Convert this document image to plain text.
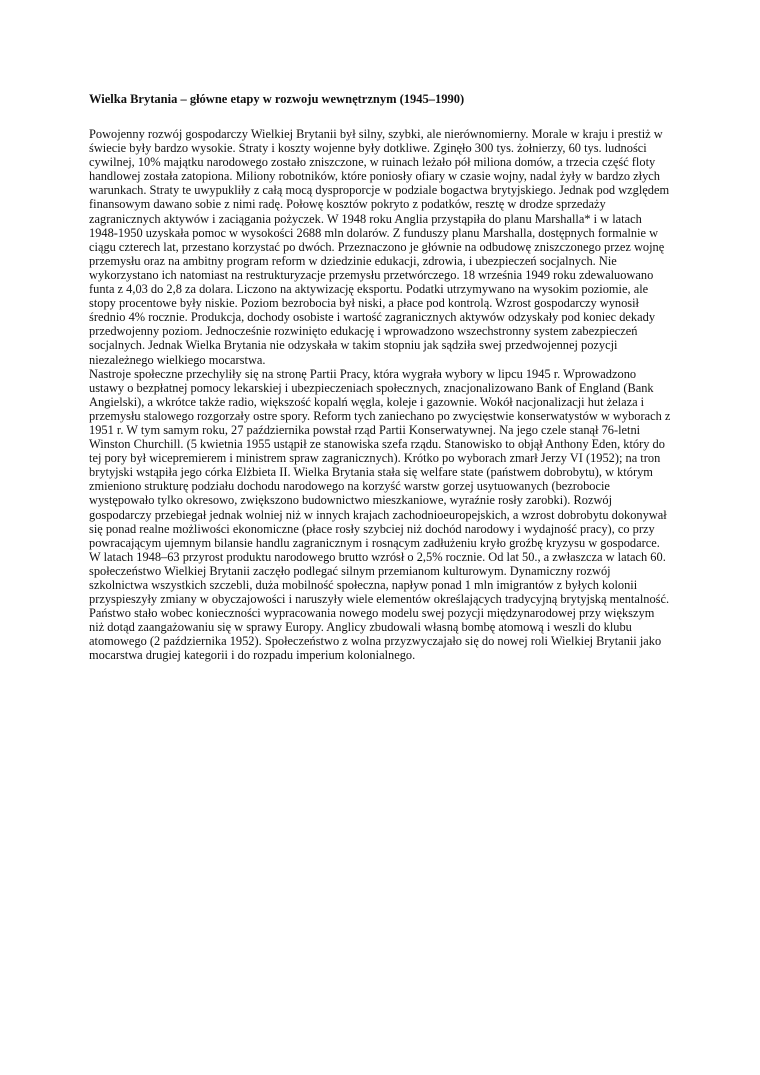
Wielka Brytania – główne etapy w rozwoju wewnętrznym (1945–1990)

Powojenny rozwój gospodarczy Wielkiej Brytanii był silny, szybki, ale nierównomierny. Morale w kraju i prestiż w świecie były bardzo wysokie. Straty i koszty wojenne były dotkliwe. Zginęło 300 tys. żołnierzy, 60 tys. ludności cywilnej, 10% majątku narodowego zostało zniszczone, w ruinach leżało pół miliona domów, a trzecia część floty handlowej została zatopiona. Miliony robotników, które poniosły ofiary w czasie wojny, nadal żyły w bardzo złych warunkach. Straty te uwypukliły z całą mocą dysproporcje w podziale bogactwa brytyjskiego. Jednak pod względem finansowym dawano sobie z nimi radę. Połowę kosztów pokryto z podatków, resztę w drodze sprzedaży zagranicznych aktywów i zaciągania pożyczek. W 1948 roku Anglia przystąpiła do planu Marshalla* i w latach 1948-1950 uzyskała pomoc w wysokości 2688 mln dolarów. Z funduszy planu Marshalla, dostępnych formalnie w ciągu czterech lat, przestano korzystać po dwóch. Przeznaczono je głównie na odbudowę zniszczonego przez wojnę przemysłu oraz na ambitny program reform w dziedzinie edukacji, zdrowia, i ubezpieczeń socjalnych. Nie wykorzystano ich natomiast na restrukturyzacje przemysłu przetwórczego. 18 września 1949 roku zdewaluowano funta z 4,03 do 2,8 za dolara. Liczono na aktywizację eksportu. Podatki utrzymywano na wysokim poziomie, ale stopy procentowe były niskie. Poziom bezrobocia był niski, a płace pod kontrolą. Wzrost gospodarczy wynosił średnio 4% rocznie. Produkcja, dochody osobiste i wartość zagranicznych aktywów odzyskały pod koniec dekady przedwojenny poziom. Jednocześnie rozwinięto edukację i wprowadzono wszechstronny system zabezpieczeń socjalnych. Jednak Wielka Brytania nie odzyskała w takim stopniu jak sądziła swej przedwojennej pozycji niezależnego wielkiego mocarstwa.

Nastroje społeczne przechyliły się na stronę Partii Pracy, która wygrała wybory w lipcu 1945 r. Wprowadzono ustawy o bezpłatnej pomocy lekarskiej i ubezpieczeniach społecznych, znacjonalizowano Bank of England (Bank Angielski), a wkrótce także radio, większość kopalń węgla, koleje i gazownie. Wokół nacjonalizacji hut żelaza i przemysłu stalowego rozgorzały ostre spory. Reform tych zaniechano po zwycięstwie konserwatystów w wyborach z 1951 r. W tym samym roku, 27 października powstał rząd Partii Konserwatywnej. Na jego czele stanął 76-letni Winston Churchill. (5 kwietnia 1955 ustąpił ze stanowiska szefa rządu. Stanowisko to objął Anthony Eden, który do tej pory był wicepremierem i ministrem spraw zagranicznych). Krótko po wyborach zmarł Jerzy VI (1952); na tron brytyjski wstąpiła jego córka Elżbieta II. Wielka Brytania stała się welfare state (państwem dobrobytu), w którym zmieniono strukturę podziału dochodu narodowego na korzyść warstw gorzej usytuowanych (bezrobocie występowało tylko okresowo, zwiększono budownictwo mieszkaniowe, wyraźnie rosły zarobki). Rozwój gospodarczy przebiegał jednak wolniej niż w innych krajach zachodnioeuropejskich, a wzrost dobrobytu dokonywał się ponad realne możliwości ekonomiczne (płace rosły szybciej niż dochód narodowy i wydajność pracy), co przy powracającym ujemnym bilansie handlu zagranicznym i rosnącym zadłużeniu kryło groźbę kryzysu w gospodarce. W latach 1948–63 przyrost produktu narodowego brutto wzrósł o 2,5% rocznie. Od lat 50., a zwłaszcza w latach 60. społeczeństwo Wielkiej Brytanii zaczęło podlegać silnym przemianom kulturowym. Dynamiczny rozwój szkolnictwa wszystkich szczebli, duża mobilność społeczna, napływ ponad 1 mln imigrantów z byłych kolonii przyspieszyły zmiany w obyczajowości i naruszyły wiele elementów określających tradycyjną brytyjską mentalność. Państwo stało wobec konieczności wypracowania nowego modelu swej pozycji międzynarodowej przy większym niż dotąd zaangażowaniu się w sprawy Europy. Anglicy zbudowali własną bombę atomową i weszli do klubu atomowego (2 października 1952). Społeczeństwo z wolna przyzwyczajało się do nowej roli Wielkiej Brytanii jako mocarstwa drugiej kategorii i do rozpadu imperium kolonialnego.
